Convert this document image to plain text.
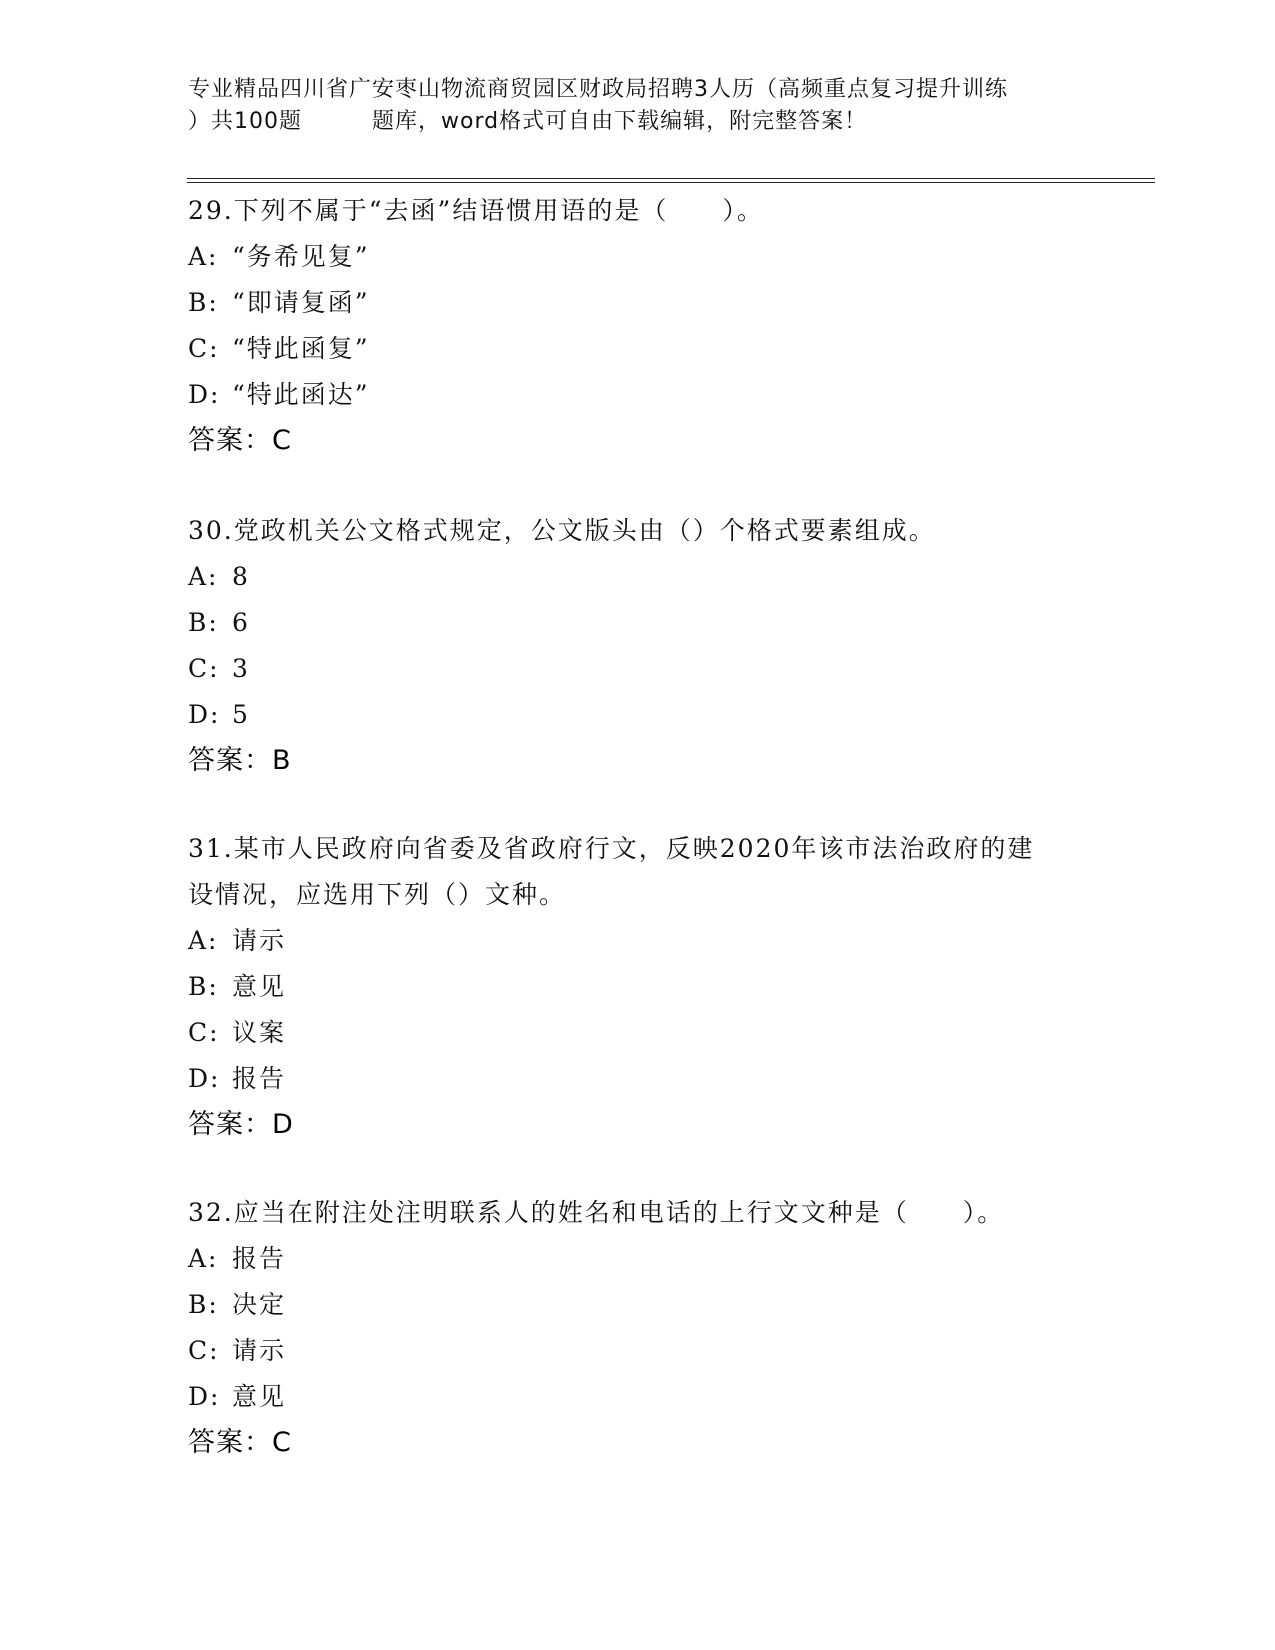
专业精品四川省广安枣山物流商贸园区财政局招聘3人历（高频重点复习提升训练
）共100题	题库，word格式可自由下载编辑，附完整答案！

29.下列不属于“去函”结语惯用语的是（　　）。

A: “务希见复”

B: “即请复函”

C: “特此函复”

D: “特此函达”

答案：C

30.党政机关公文格式规定，公文版头由（）个格式要素组成。

A: 8

B: 6

C: 3

D: 5

答案：B

31.某市人民政府向省委及省政府行文，反映2020年该市法治政府的建设情况，应选用下列（）文种。

A: 请示

B: 意见

C: 议案

D: 报告

答案：D

32.应当在附注处注明联系人的姓名和电话的上行文文种是（　　）。

A: 报告

B: 决定

C: 请示

D: 意见

答案：C
